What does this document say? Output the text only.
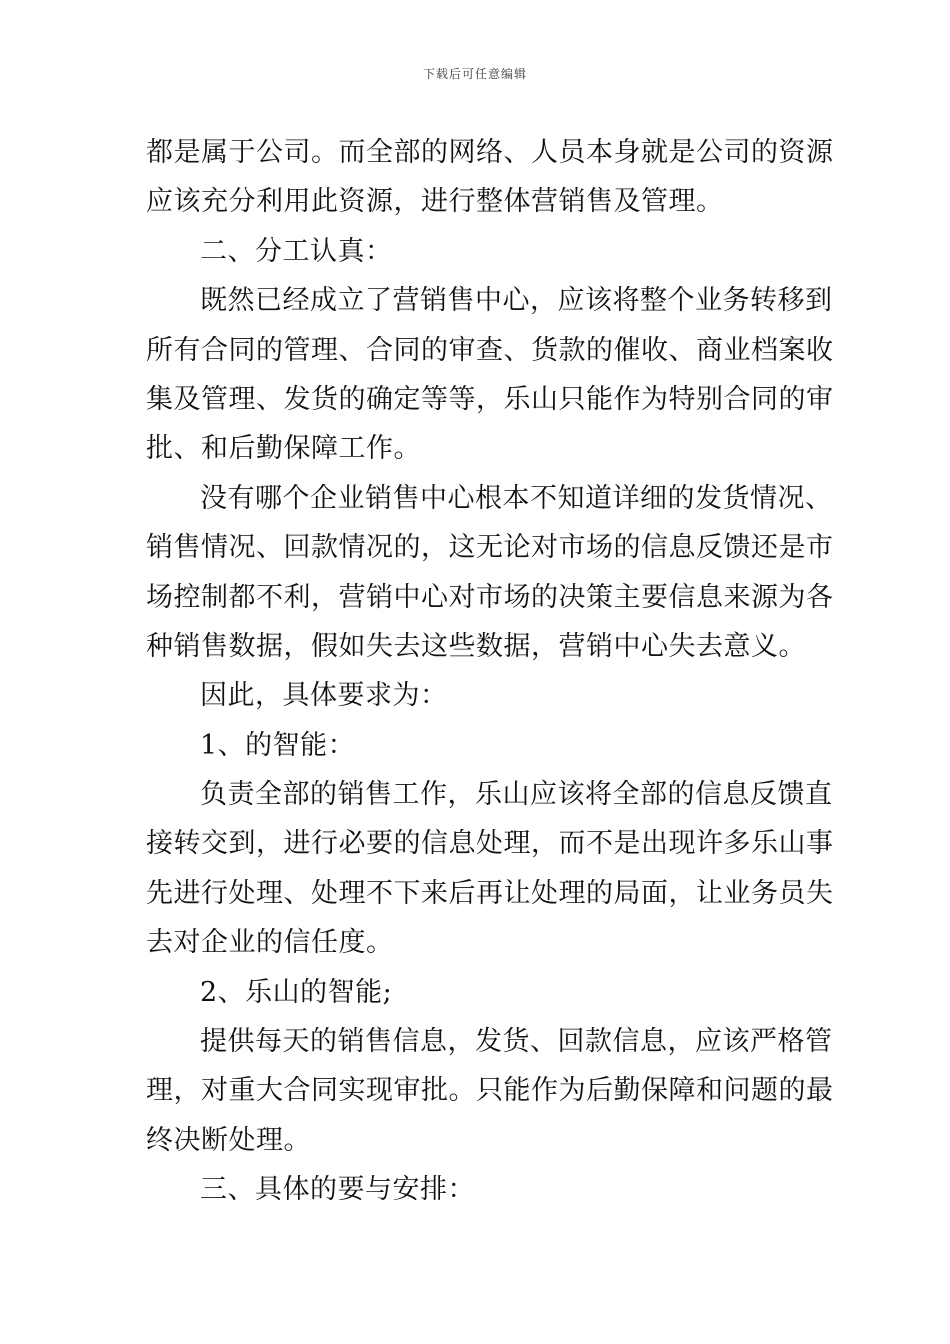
下载后可任意编辑
都是属于公司。而全部的网络、人员本身就是公司的资源
应该充分利用此资源，进行整体营销售及管理。
二、分工认真：
既然已经成立了营销售中心，应该将整个业务转移到
所有合同的管理、合同的审查、货款的催收、商业档案收
集及管理、发货的确定等等，乐山只能作为特别合同的审
批、和后勤保障工作。
没有哪个企业销售中心根本不知道详细的发货情况、
销售情况、回款情况的，这无论对市场的信息反馈还是市
场控制都不利，营销中心对市场的决策主要信息来源为各
种销售数据，假如失去这些数据，营销中心失去意义。
因此，具体要求为：
1、的智能：
负责全部的销售工作，乐山应该将全部的信息反馈直
接转交到，进行必要的信息处理，而不是出现许多乐山事
先进行处理、处理不下来后再让处理的局面，让业务员失
去对企业的信任度。
2、乐山的智能;
提供每天的销售信息，发货、回款信息，应该严格管
理，对重大合同实现审批。只能作为后勤保障和问题的最
终决断处理。
三、具体的要与安排：
